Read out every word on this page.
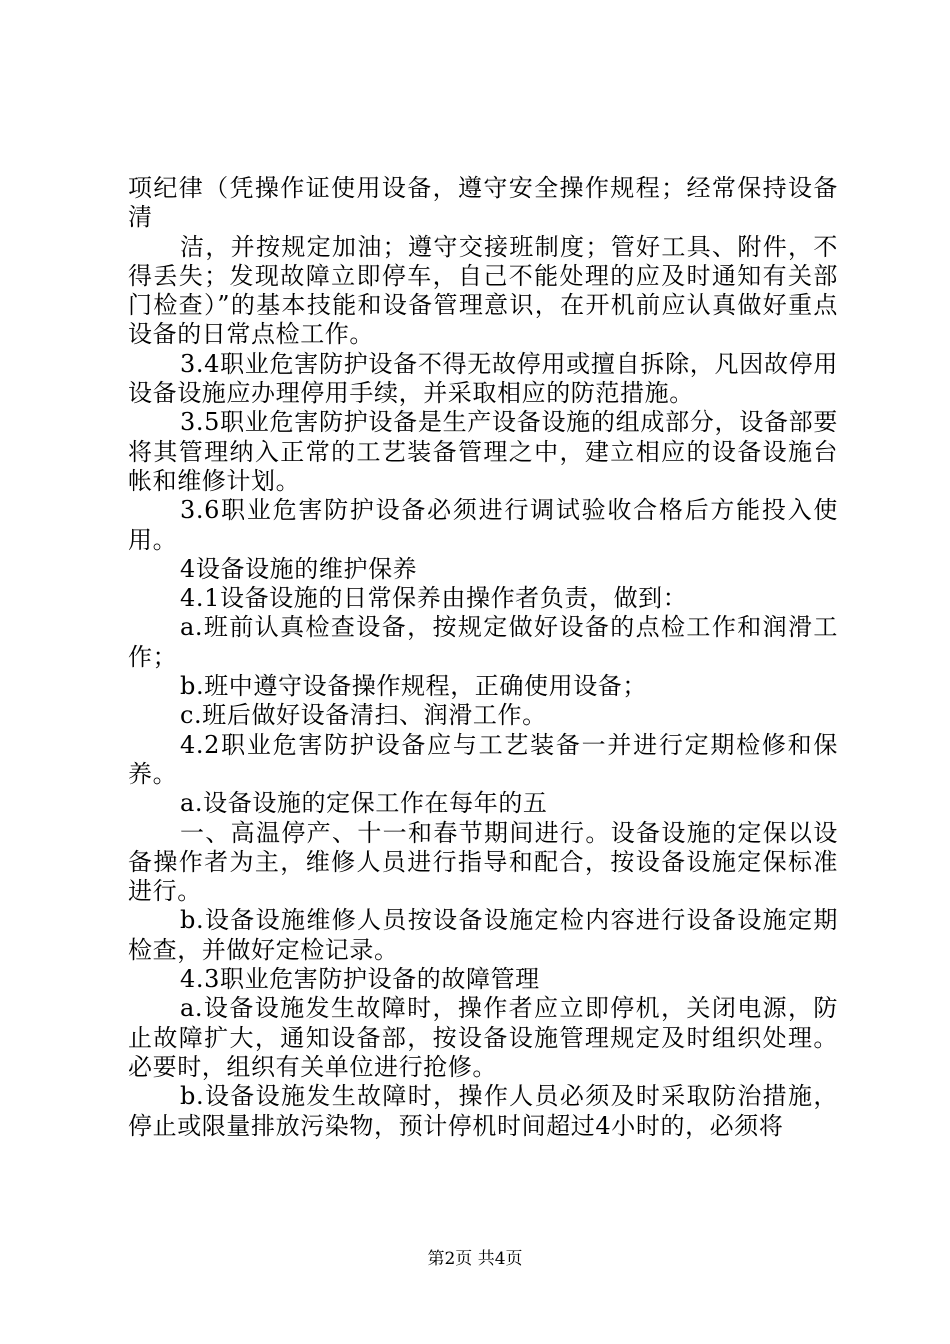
项纪律（凭操作证使用设备，遵守安全操作规程；经常保持设备清

洁，并按规定加油；遵守交接班制度；管好工具、附件，不得丢失；发现故障立即停车，自己不能处理的应及时通知有关部门检查）”的基本技能和设备管理意识，在开机前应认真做好重点设备的日常点检工作。

3.4职业危害防护设备不得无故停用或擅自拆除，凡因故停用设备设施应办理停用手续，并采取相应的防范措施。

3.5职业危害防护设备是生产设备设施的组成部分，设备部要将其管理纳入正常的工艺装备管理之中，建立相应的设备设施台帐和维修计划。

3.6职业危害防护设备必须进行调试验收合格后方能投入使用。

4设备设施的维护保养

4.1设备设施的日常保养由操作者负责，做到：

a.班前认真检查设备，按规定做好设备的点检工作和润滑工作；

b.班中遵守设备操作规程，正确使用设备；

c.班后做好设备清扫、润滑工作。

4.2职业危害防护设备应与工艺装备一并进行定期检修和保养。

a.设备设施的定保工作在每年的五

一、高温停产、十一和春节期间进行。设备设施的定保以设备操作者为主，维修人员进行指导和配合，按设备设施定保标准进行。

b.设备设施维修人员按设备设施定检内容进行设备设施定期检查，并做好定检记录。

4.3职业危害防护设备的故障管理

a.设备设施发生故障时，操作者应立即停机，关闭电源，防止故障扩大，通知设备部，按设备设施管理规定及时组织处理。必要时，组织有关单位进行抢修。

b.设备设施发生故障时，操作人员必须及时采取防治措施，停止或限量排放污染物，预计停机时间超过4小时的，必须将

第2页 共4页
